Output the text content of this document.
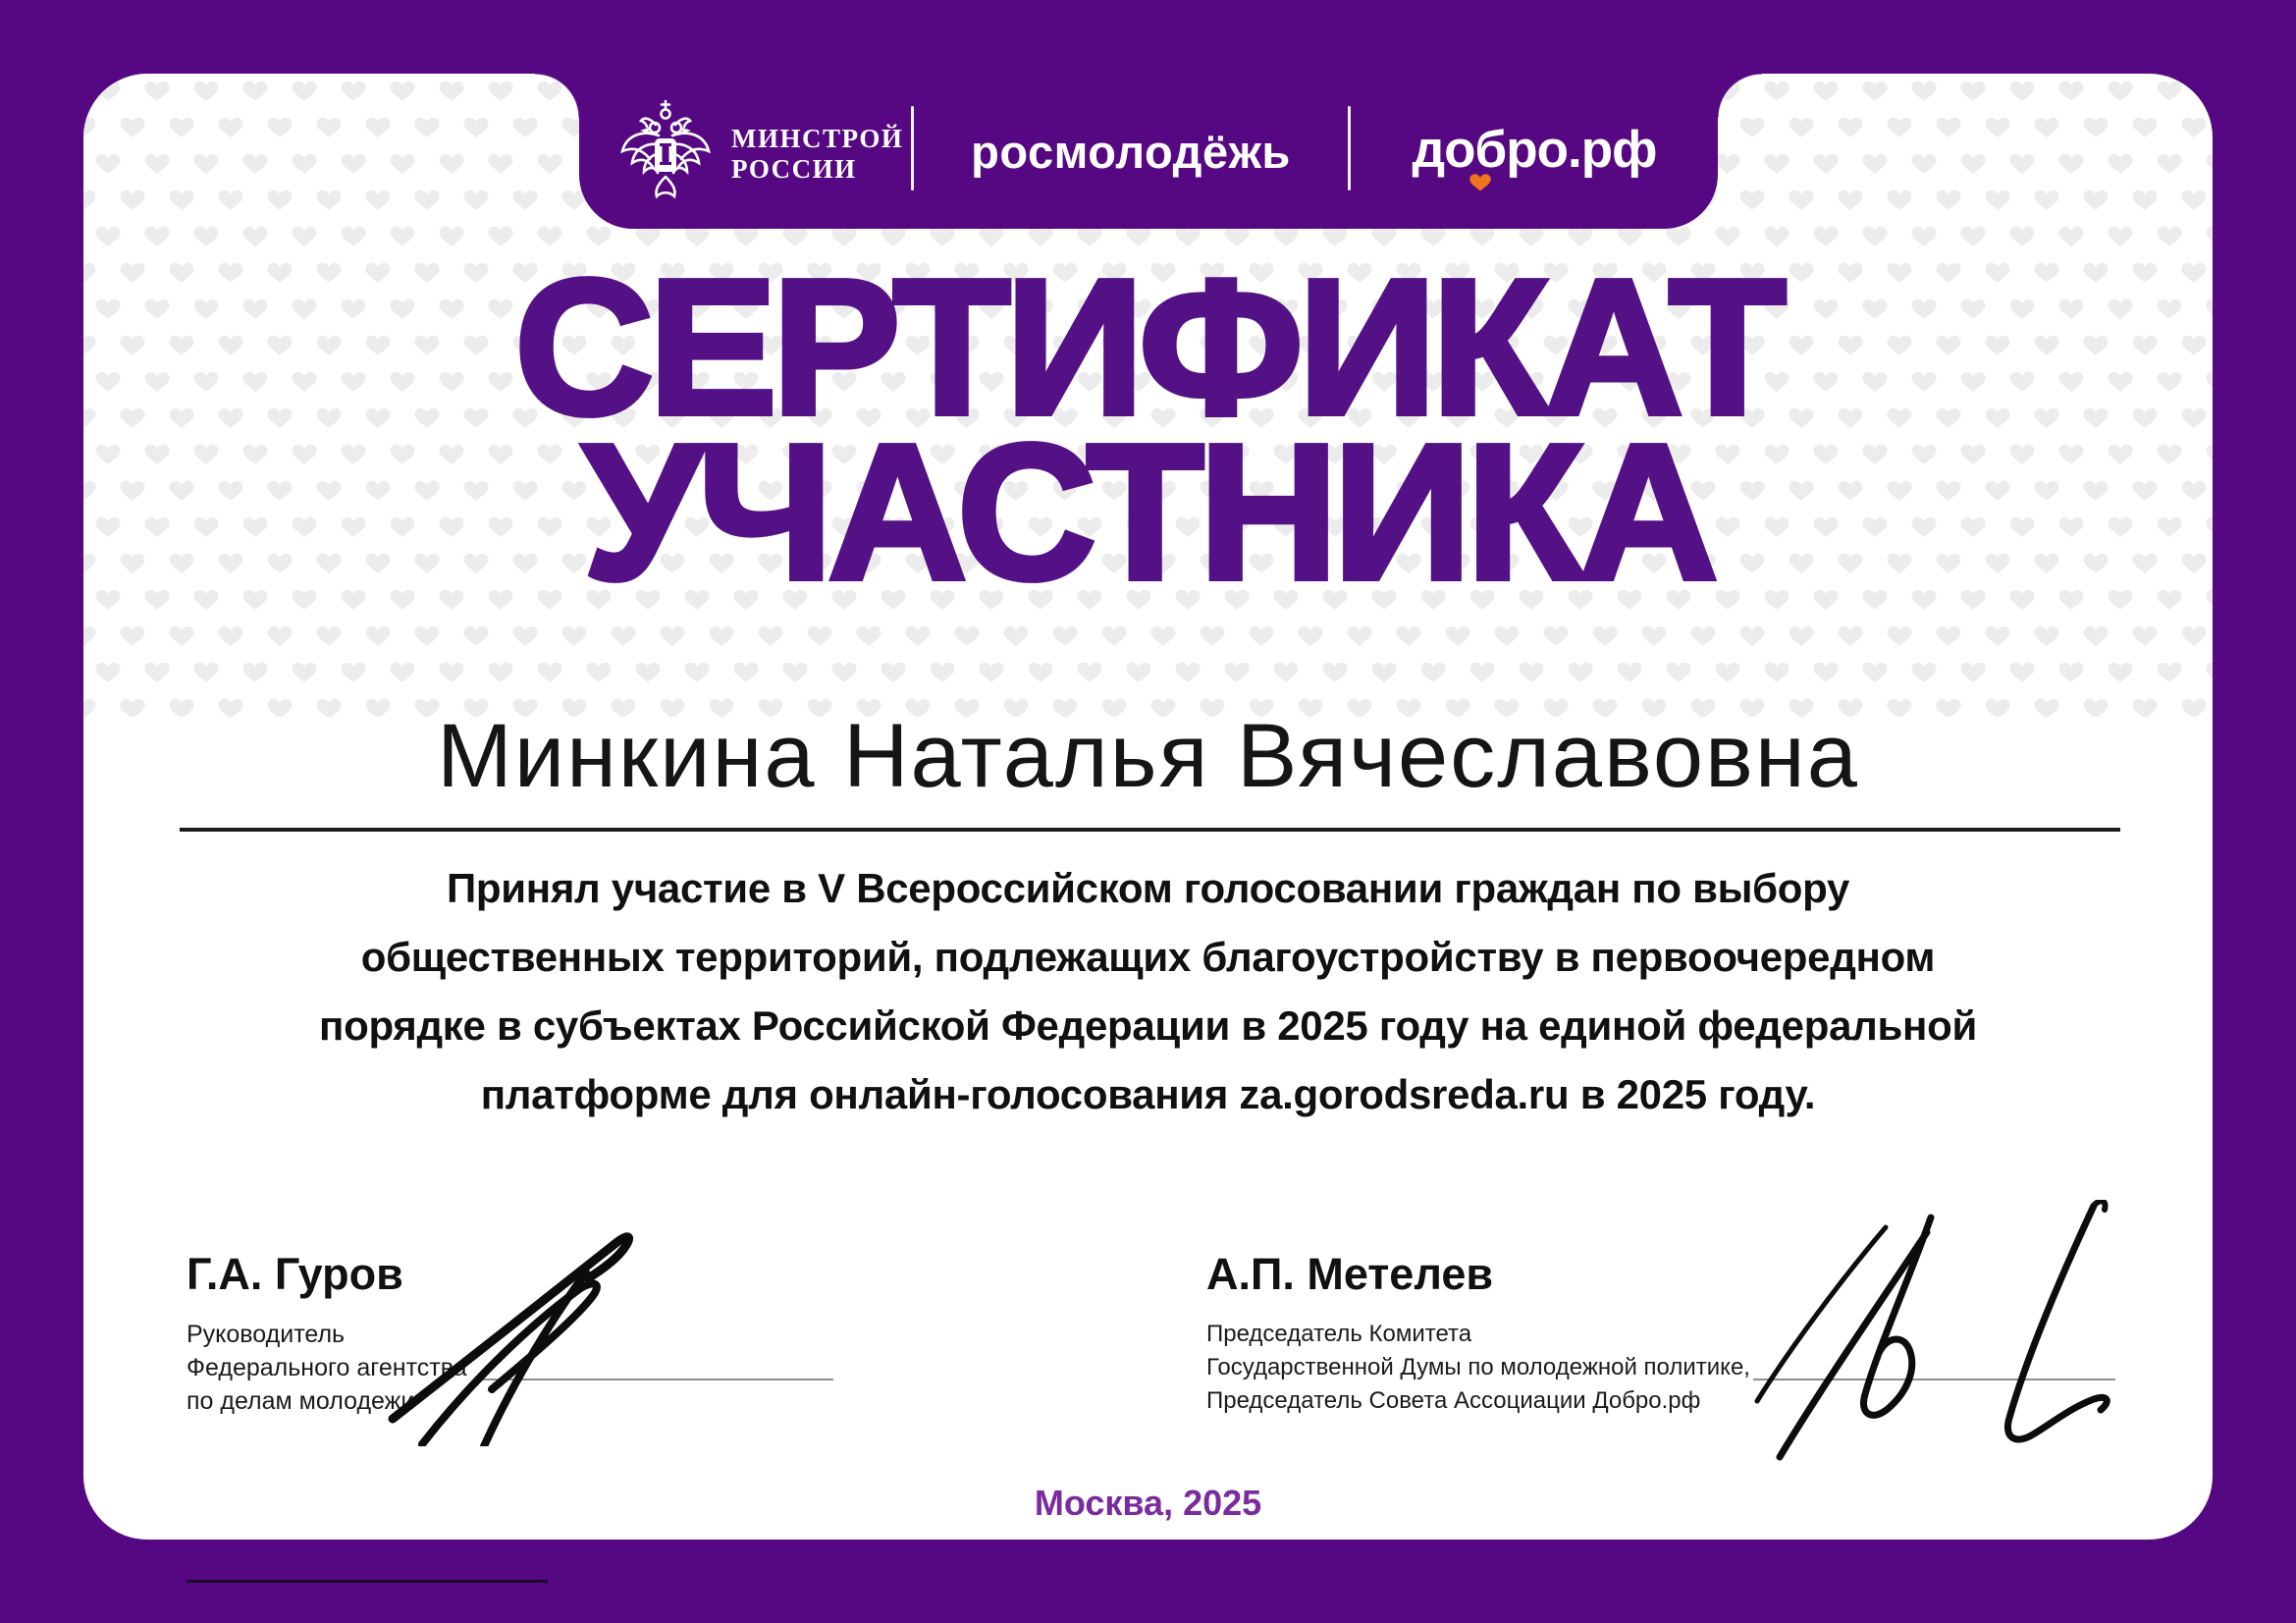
МИНСТРОЙ
РОССИИ	росмолодёжь	добро.рф
СЕРТИФИКАТ
УЧАСТНИКА
Минкина Наталья Вячеславовна
Принял участие в V Всероссийском голосовании граждан по выбору
общественных территорий, подлежащих благоустройству в первоочередном
порядке в субъектах Российской Федерации в 2025 году на единой федеральной
платформе для онлайн-голосования za.gorodsreda.ru в 2025 году.
Г.А. Гуров
Руководитель
Федерального агентства
по делам молодежи
А.П. Метелев
Председатель Комитета
Государственной Думы по молодежной политике,
Председатель Совета Ассоциации Добро.рф
Москва, 2025
